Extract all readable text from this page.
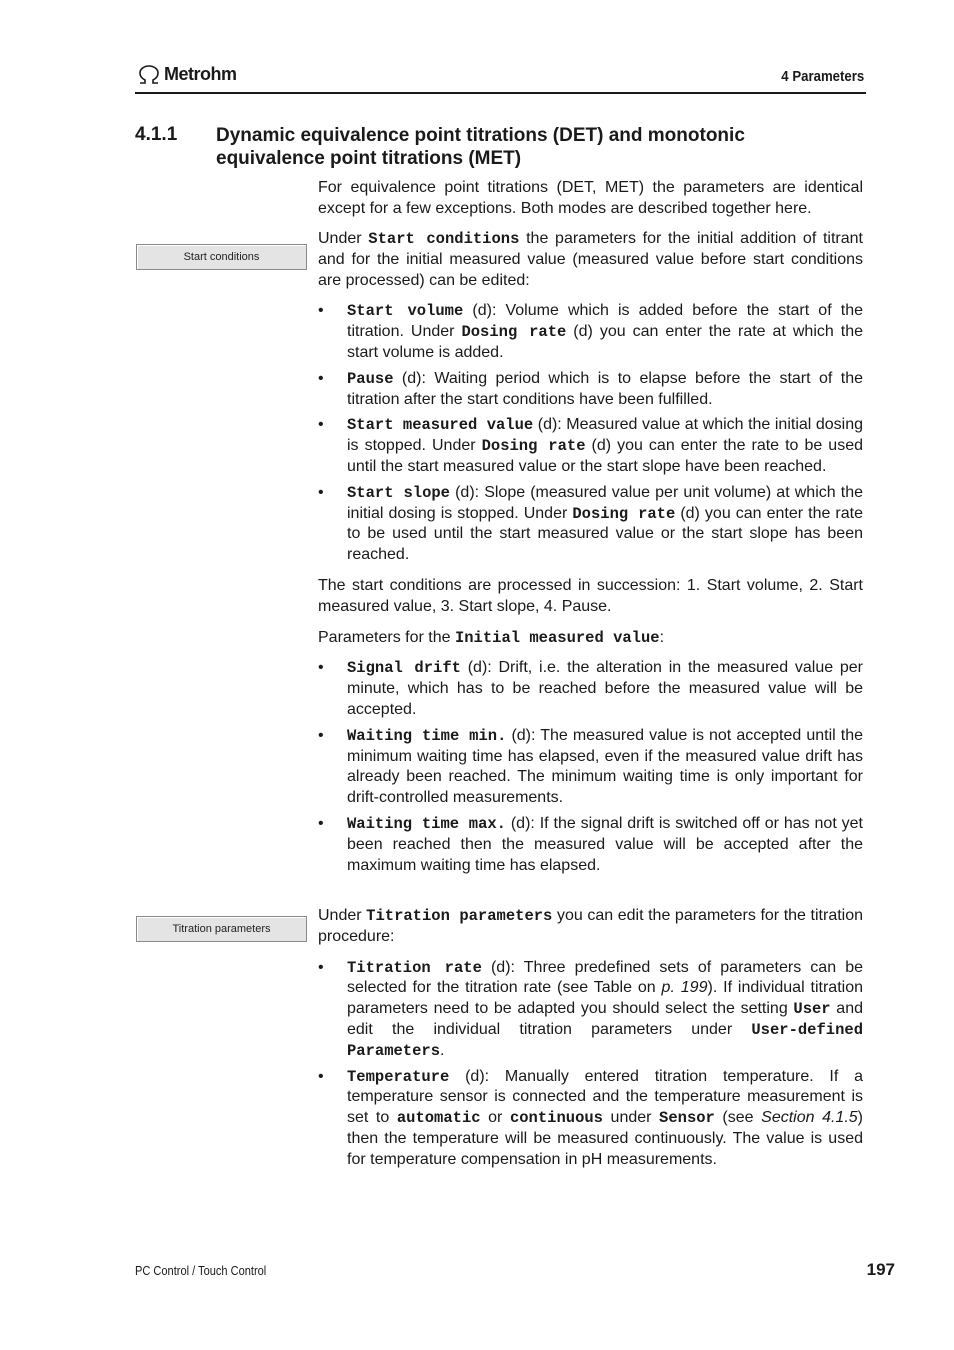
Metrohm	4 Parameters
4.1.1 Dynamic equivalence point titrations (DET) and monotonic equivalence point titrations (MET)

For equivalence point titrations (DET, MET) the parameters are identical except for a few exceptions. Both modes are described together here.

Start conditions

Under Start conditions the parameters for the initial addition of titrant and for the initial measured value (measured value before start conditions are processed) can be edited:

• Start volume (d): Volume which is added before the start of the titration. Under Dosing rate (d) you can enter the rate at which the start volume is added.
• Pause (d): Waiting period which is to elapse before the start of the titration after the start conditions have been fulfilled.
• Start measured value (d): Measured value at which the initial dosing is stopped. Under Dosing rate (d) you can enter the rate to be used until the start measured value or the start slope have been reached.
• Start slope (d): Slope (measured value per unit volume) at which the initial dosing is stopped. Under Dosing rate (d) you can enter the rate to be used until the start measured value or the start slope has been reached.

The start conditions are processed in succession: 1. Start volume, 2. Start measured value, 3. Start slope, 4. Pause.

Parameters for the Initial measured value:

• Signal drift (d): Drift, i.e. the alteration in the measured value per minute, which has to be reached before the measured value will be accepted.
• Waiting time min. (d): The measured value is not accepted until the minimum waiting time has elapsed, even if the measured value drift has already been reached. The minimum waiting time is only important for drift-controlled measurements.
• Waiting time max. (d): If the signal drift is switched off or has not yet been reached then the measured value will be accepted after the maximum waiting time has elapsed.
Titration parameters

Under Titration parameters you can edit the parameters for the titration procedure:

• Titration rate (d): Three predefined sets of parameters can be selected for the titration rate (see Table on p. 199). If individual titration parameters need to be adapted you should select the setting User and edit the individual titration parameters under User-defined Parameters.
• Temperature (d): Manually entered titration temperature. If a temperature sensor is connected and the temperature measurement is set to automatic or continuous under Sensor (see Section 4.1.5) then the temperature will be measured continuously. The value is used for temperature compensation in pH measurements.
PC Control / Touch Control	197
